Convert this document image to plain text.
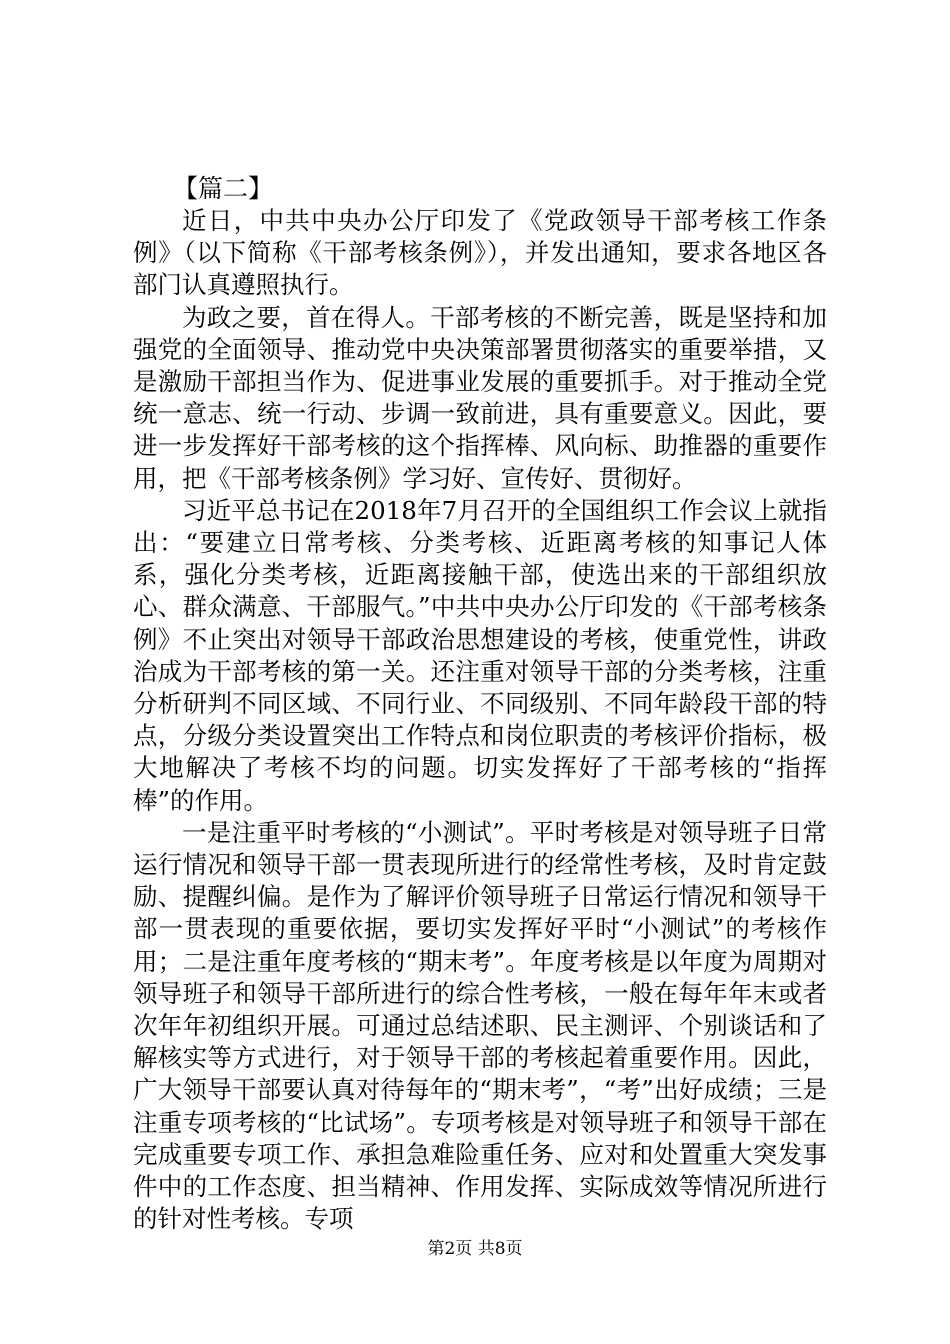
【篇二】

近日，中共中央办公厅印发了《党政领导干部考核工作条例》（以下简称《干部考核条例》），并发出通知，要求各地区各部门认真遵照执行。

为政之要，首在得人。干部考核的不断完善，既是坚持和加强党的全面领导、推动党中央决策部署贯彻落实的重要举措，又是激励干部担当作为、促进事业发展的重要抓手。对于推动全党统一意志、统一行动、步调一致前进，具有重要意义。因此，要进一步发挥好干部考核的这个指挥棒、风向标、助推器的重要作用，把《干部考核条例》学习好、宣传好、贯彻好。

习近平总书记在2018年7月召开的全国组织工作会议上就指出：“要建立日常考核、分类考核、近距离考核的知事记人体系，强化分类考核，近距离接触干部，使选出来的干部组织放心、群众满意、干部服气。”中共中央办公厅印发的《干部考核条例》不止突出对领导干部政治思想建设的考核，使重党性，讲政治成为干部考核的第一关。还注重对领导干部的分类考核，注重分析研判不同区域、不同行业、不同级别、不同年龄段干部的特点，分级分类设置突出工作特点和岗位职责的考核评价指标，极大地解决了考核不均的问题。切实发挥好了干部考核的“指挥棒”的作用。

一是注重平时考核的“小测试”。平时考核是对领导班子日常运行情况和领导干部一贯表现所进行的经常性考核，及时肯定鼓励、提醒纠偏。是作为了解评价领导班子日常运行情况和领导干部一贯表现的重要依据，要切实发挥好平时“小测试”的考核作用；二是注重年度考核的“期末考”。年度考核是以年度为周期对领导班子和领导干部所进行的综合性考核，一般在每年年末或者次年年初组织开展。可通过总结述职、民主测评、个别谈话和了解核实等方式进行，对于领导干部的考核起着重要作用。因此，广大领导干部要认真对待每年的“期末考”，“考”出好成绩；三是注重专项考核的“比试场”。专项考核是对领导班子和领导干部在完成重要专项工作、承担急难险重任务、应对和处置重大突发事件中的工作态度、担当精神、作用发挥、实际成效等情况所进行的针对性考核。专项

第2页 共8页
